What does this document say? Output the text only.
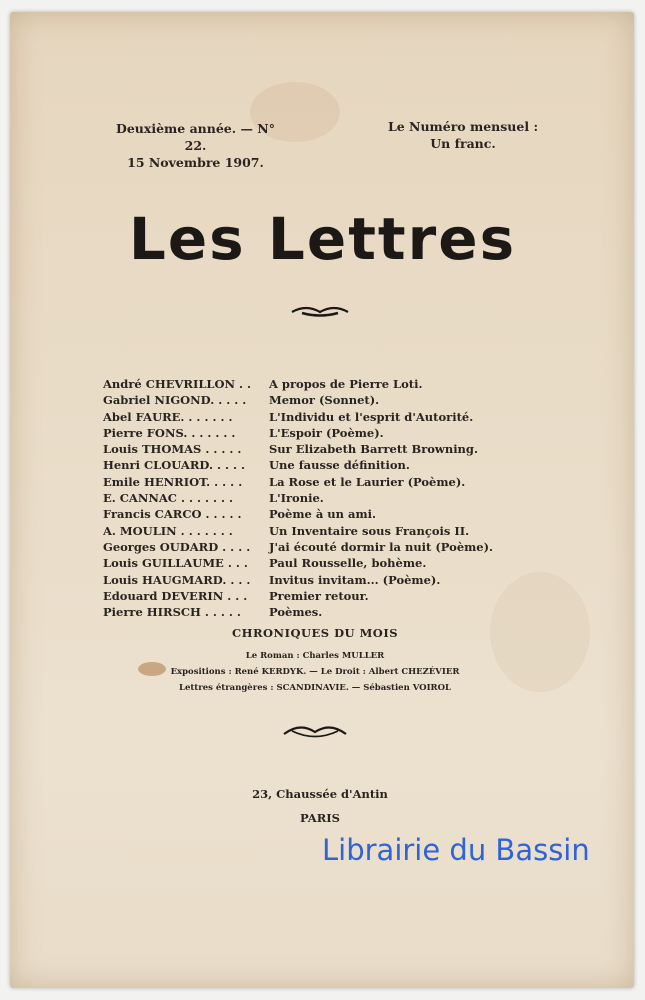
Deuxième année. — N° 22.
15 Novembre 1907.
Le Numéro mensuel :
Un franc.
Les Lettres
André CHEVRILLON . .	A propos de Pierre Loti.
Gabriel NIGOND. . . . .	Memor (Sonnet).
Abel FAURE. . . . . . .	L'Individu et l'esprit d'Autorité.
Pierre FONS. . . . . . .	L'Espoir (Poème).
Louis THOMAS . . . . .	Sur Elizabeth Barrett Browning.
Henri CLOUARD. . . . .	Une fausse définition.
Emile HENRIOT. . . . .	La Rose et le Laurier (Poème).
E. CANNAC . . . . . . .	L'Ironie.
Francis CARCO . . . . .	Poème à un ami.
A. MOULIN . . . . . . .	Un Inventaire sous François II.
Georges OUDARD . . . .	J'ai écouté dormir la nuit (Poème).
Louis GUILLAUME . . .	Paul Rousselle, bohème.
Louis HAUGMARD. . . .	Invitus invitam... (Poème).
Edouard DEVERIN . . .	Premier retour.
Pierre HIRSCH . . . . .	Poèmes.
CHRONIQUES DU MOIS
Le Roman : Charles MULLER
Expositions : René KERDYK. — Le Droit : Albert CHEZÉVIER
Lettres étrangères : SCANDINAVIE. — Sébastien VOIROL
23, Chaussée d'Antin
PARIS
Librairie du Bassin
